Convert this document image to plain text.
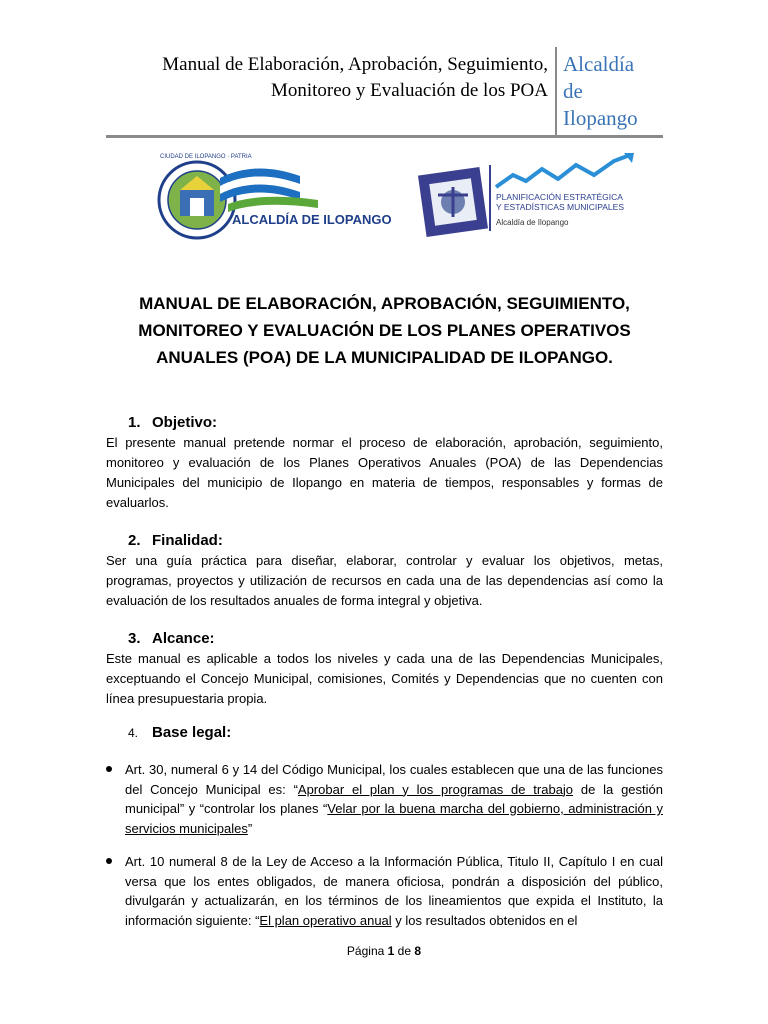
Manual de Elaboración, Aprobación, Seguimiento,
Monitoreo y Evaluación de los POA
Alcaldía
de
Ilopango
ALCALDÍA DE ILOPANGO
CIUDAD DE ILOPANGO · PATRIA
PLANIFICACIÓN ESTRATÉGICA
Y ESTADÍSTICAS MUNICIPALES
Alcaldía de Ilopango
MANUAL DE ELABORACIÓN, APROBACIÓN, SEGUIMIENTO,
MONITOREO Y EVALUACIÓN DE LOS PLANES OPERATIVOS
ANUALES (POA) DE LA MUNICIPALIDAD DE ILOPANGO.
1. Objetivo:
El presente manual pretende normar el proceso de elaboración, aprobación, seguimiento, monitoreo y evaluación de los Planes Operativos Anuales (POA) de las Dependencias Municipales del municipio de Ilopango en materia de tiempos, responsables y formas de evaluarlos.
2. Finalidad:
Ser una guía práctica para diseñar, elaborar, controlar y evaluar los objetivos, metas, programas, proyectos y utilización de recursos en cada una de las dependencias así como la evaluación de los resultados anuales de forma integral y objetiva.
3. Alcance:
Este manual es aplicable a todos los niveles y cada una de las Dependencias Municipales, exceptuando el Concejo Municipal, comisiones, Comités y Dependencias que no cuenten con línea presupuestaria propia.
4. Base legal:
Art. 30, numeral 6 y 14 del Código Municipal, los cuales establecen que una de las funciones del Concejo Municipal es: “Aprobar el plan y los programas de trabajo de la gestión municipal” y “controlar los planes “Velar por la buena marcha del gobierno, administración y servicios municipales”
Art. 10 numeral 8 de la Ley de Acceso a la Información Pública, Titulo II, Capítulo I en cual versa que los entes obligados, de manera oficiosa, pondrán a disposición del público, divulgarán y actualizarán, en los términos de los lineamientos que expida el Instituto, la información siguiente: “El plan operativo anual y los resultados obtenidos en el
Página 1 de 8
